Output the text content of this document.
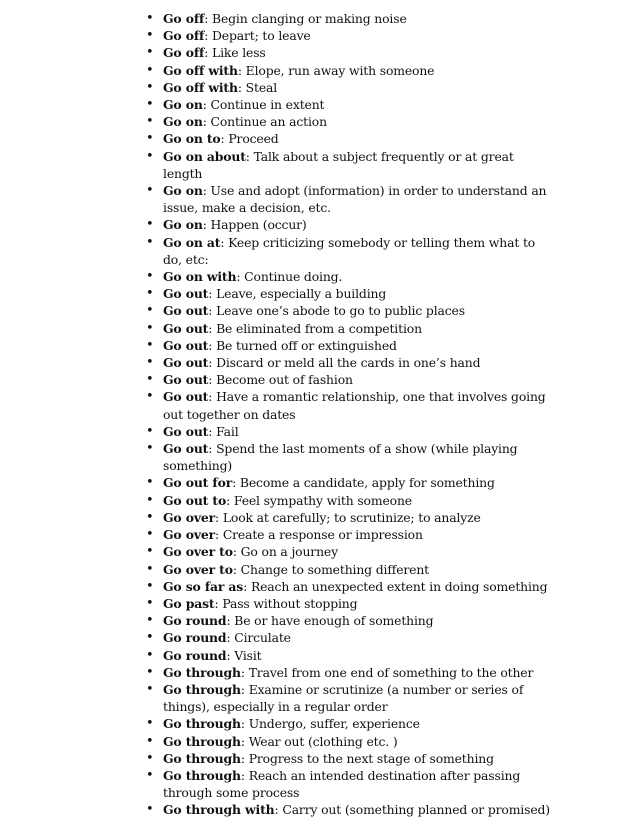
• Go off: Begin clanging or making noise
• Go off: Depart; to leave
• Go off: Like less
• Go off with: Elope, run away with someone
• Go off with: Steal
• Go on: Continue in extent
• Go on: Continue an action
• Go on to: Proceed
• Go on about: Talk about a subject frequently or at great length
• Go on: Use and adopt (information) in order to understand an issue, make a decision, etc.
• Go on: Happen (occur)
• Go on at: Keep criticizing somebody or telling them what to do, etc:
• Go on with: Continue doing.
• Go out: Leave, especially a building
• Go out: Leave one’s abode to go to public places
• Go out: Be eliminated from a competition
• Go out: Be turned off or extinguished
• Go out: Discard or meld all the cards in one’s hand
• Go out: Become out of fashion
• Go out: Have a romantic relationship, one that involves going out together on dates
• Go out: Fail
• Go out: Spend the last moments of a show (while playing something)
• Go out for: Become a candidate, apply for something
• Go out to: Feel sympathy with someone
• Go over: Look at carefully; to scrutinize; to analyze
• Go over: Create a response or impression
• Go over to: Go on a journey
• Go over to: Change to something different
• Go so far as: Reach an unexpected extent in doing something
• Go past: Pass without stopping
• Go round: Be or have enough of something
• Go round: Circulate
• Go round: Visit
• Go through: Travel from one end of something to the other
• Go through: Examine or scrutinize (a number or series of things), especially in a regular order
• Go through: Undergo, suffer, experience
• Go through: Wear out (clothing etc. )
• Go through: Progress to the next stage of something
• Go through: Reach an intended destination after passing through some process
• Go through with: Carry out (something planned or promised)
